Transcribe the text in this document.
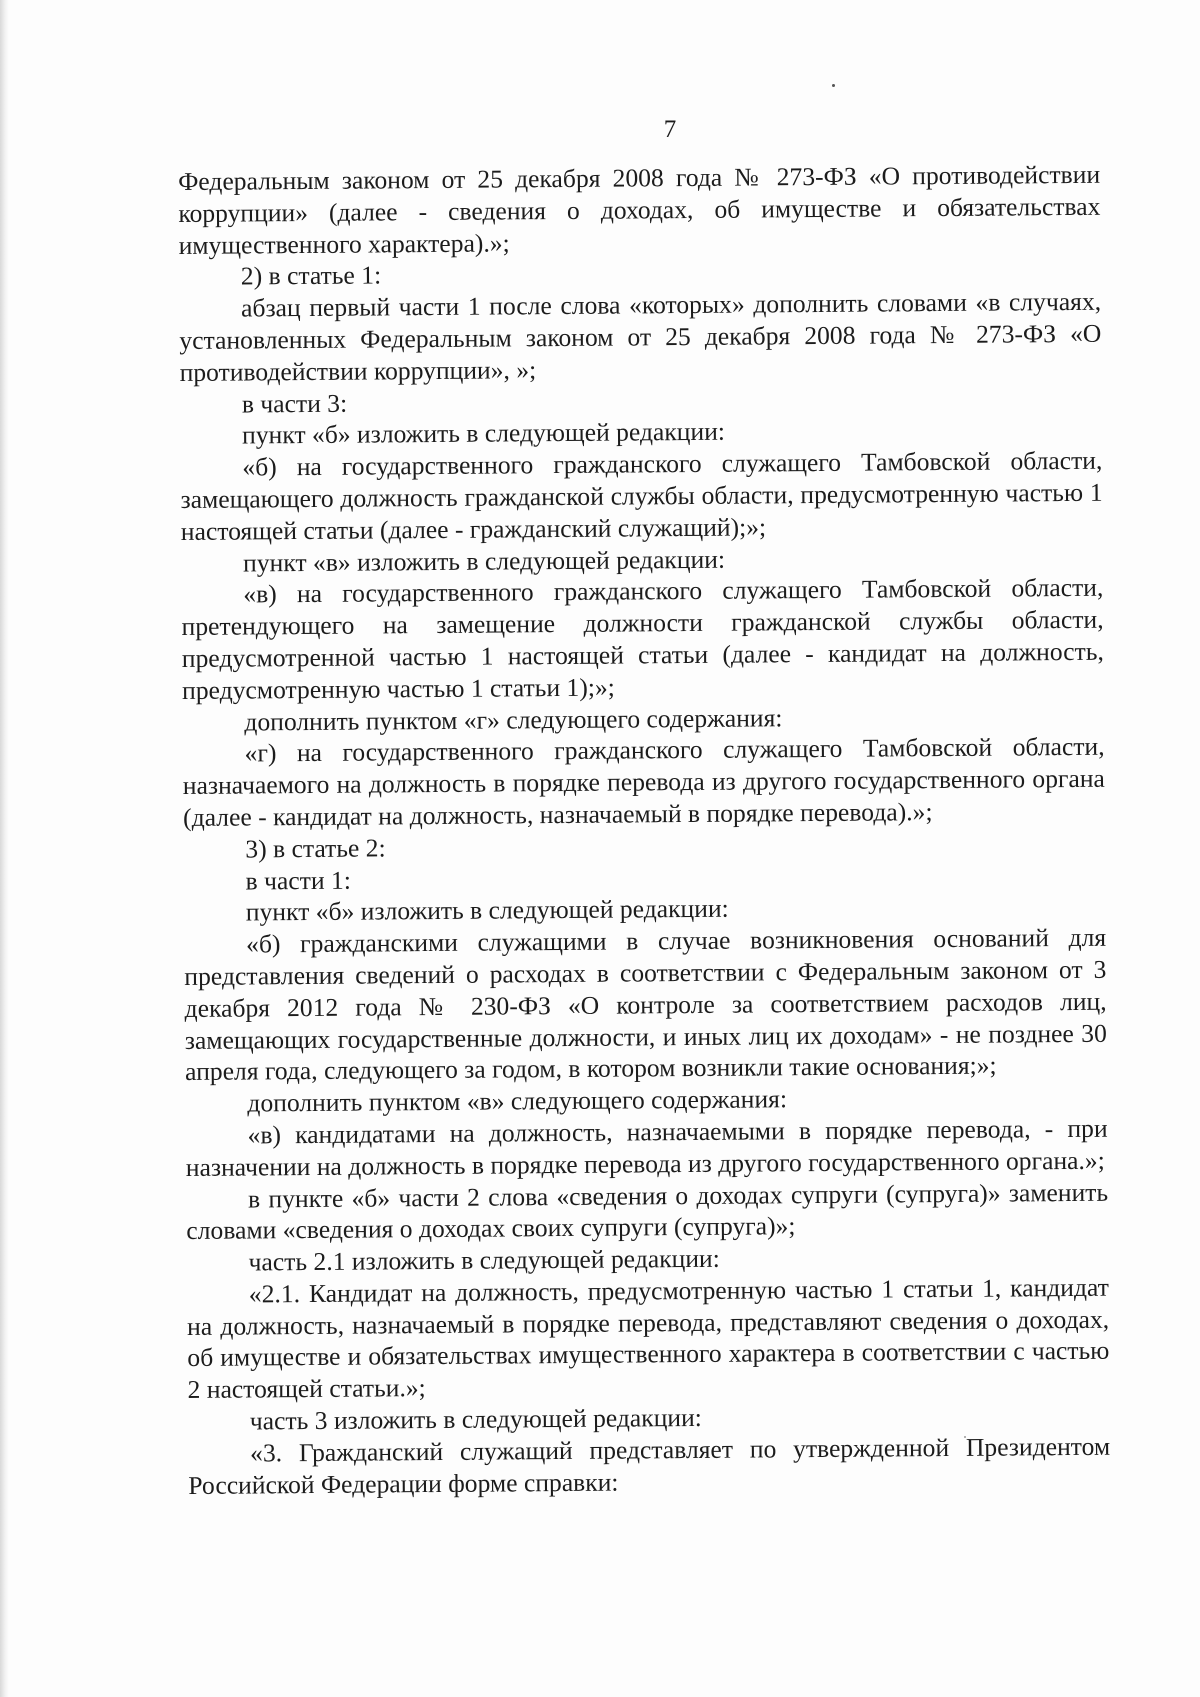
7

Федеральным законом от 25 декабря 2008 года № 273-ФЗ «О противодействии коррупции» (далее - сведения о доходах, об имуществе и обязательствах имущественного характера).»;

2) в статье 1:

абзац первый части 1 после слова «которых» дополнить словами «в случаях, установленных Федеральным законом от 25 декабря 2008 года № 273-ФЗ «О противодействии коррупции», »;

в части 3:

пункт «б» изложить в следующей редакции:

«б) на государственного гражданского служащего Тамбовской области, замещающего должность гражданской службы области, предусмотренную частью 1 настоящей статьи (далее - гражданский служащий);»;

пункт «в» изложить в следующей редакции:

«в) на государственного гражданского служащего Тамбовской области, претендующего на замещение должности гражданской службы области, предусмотренной частью 1 настоящей статьи (далее - кандидат на должность, предусмотренную частью 1 статьи 1);»;

дополнить пунктом «г» следующего содержания:

«г) на государственного гражданского служащего Тамбовской области, назначаемого на должность в порядке перевода из другого государственного органа (далее - кандидат на должность, назначаемый в порядке перевода).»;

3) в статье 2:

в части 1:

пункт «б» изложить в следующей редакции:

«б) гражданскими служащими в случае возникновения оснований для представления сведений о расходах в соответствии с Федеральным законом от 3 декабря 2012 года № 230-ФЗ «О контроле за соответствием расходов лиц, замещающих государственные должности, и иных лиц их доходам» - не позднее 30 апреля года, следующего за годом, в котором возникли такие основания;»;

дополнить пунктом «в» следующего содержания:

«в) кандидатами на должность, назначаемыми в порядке перевода, - при назначении на должность в порядке перевода из другого государственного органа.»;

в пункте «б» части 2 слова «сведения о доходах супруги (супруга)» заменить словами «сведения о доходах своих супруги (супруга)»;

часть 2.1 изложить в следующей редакции:

«2.1. Кандидат на должность, предусмотренную частью 1 статьи 1, кандидат на должность, назначаемый в порядке перевода, представляют сведения о доходах, об имуществе и обязательствах имущественного характера в соответствии с частью 2 настоящей статьи.»;

часть 3 изложить в следующей редакции:

«3. Гражданский служащий представляет по утвержденной Президентом Российской Федерации форме справки:
